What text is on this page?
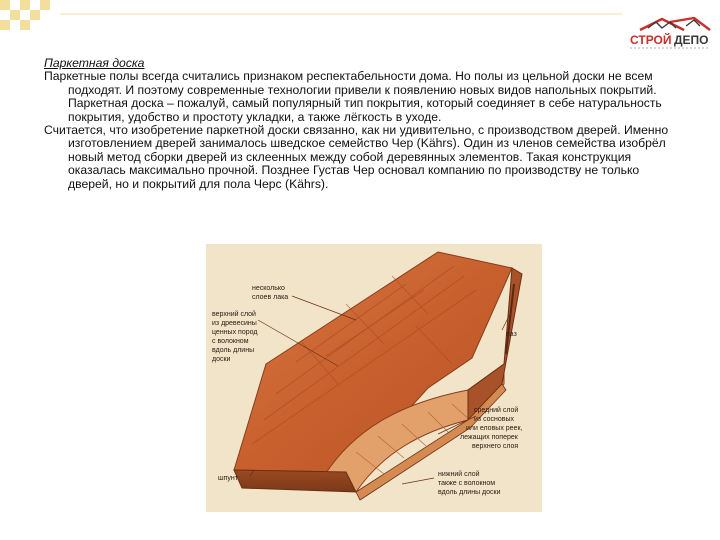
СТРОЙ ДЕПО
Паркетная доска
Паркетные полы всегда считались признаком респектабельности дома. Но полы из цельной доски не всем подходят. И поэтому современные технологии привели к появлению новых видов напольных покрытий. Паркетная доска – пожалуй, самый популярный тип покрытия, который соединяет в себе натуральность покрытия, удобство и простоту укладки, а также лёгкость в уходе.
Считается, что изобретение паркетной доски связанно, как ни удивительно, с производством дверей. Именно изготовлением дверей занималось шведское семейство Чер (Kährs). Один из членов семейства изобрёл новый метод сборки дверей из склеенных между собой деревянных элементов. Такая конструкция оказалась максимально прочной. Позднее Густав Чер основал компанию по производству не только дверей, но и покрытий для пола Черс (Kährs).
несколько слоев лака
верхний слой из древесины ценных пород с волокном вдоль длины доски
паз
средний слой из сосновых или еловых реек, лежащих поперек верхнего слоя
шпунт
нижний слой также с волокном вдоль длины доски
